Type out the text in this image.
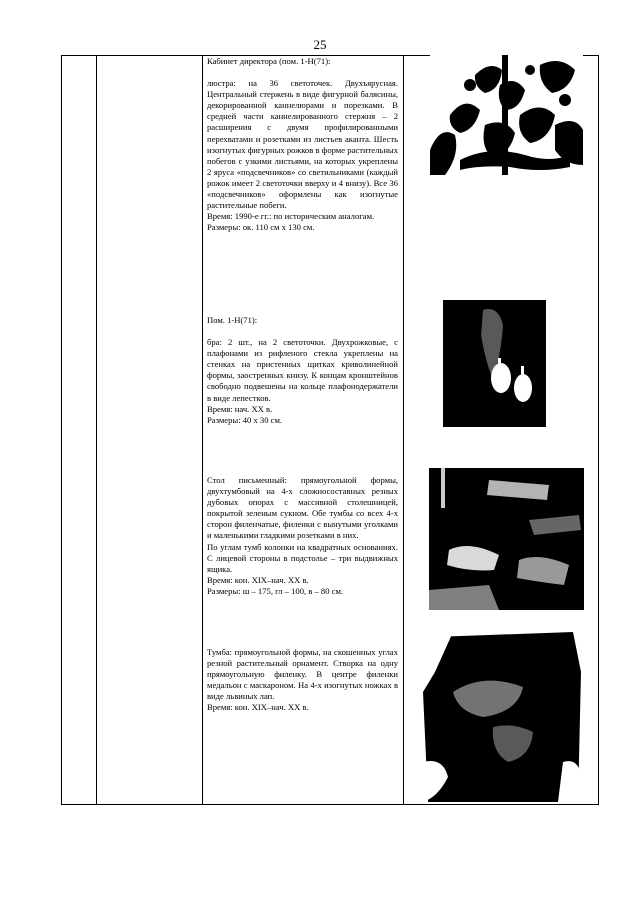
25

Кабинет директора (пом. 1-Н(71):

люстра: на 36 светоточек. Двухъярусная. Центральный стержень в виде фигурной балясины, декорированной каннелюрами и порезками. В средней части каннелированного стержня – 2 расширения с двумя профилированными перехватами и розетками из листьев аканта. Шесть изогнутых фигурных рожков в форме растительных побегов с узкими листьями, на которых укреплены 2 яруса «подсвечников» со светильниками (каждый рожок имеет 2 светоточки вверху и 4 внизу). Все 36 «подсвечников» оформлены как изогнутые растительные побеги.

Время: 1990-е гг.: по историческим аналогам.

Размеры: ок. 110 см х 130 см.

Пом. 1-Н(71):

бра: 2 шт., на 2 светоточки. Двухрожковые, с плафонами из рифленого стекла укреплены на стенках на пристенных щитках криволинейной формы, заостренных книзу. К концам кронштейнов свободно подвешены на кольце плафонодержатели в виде лепестков.

Время: нач. XX в.

Размеры: 40 х 30 см.

Стол письменный: прямоугольной формы, двухтумбовый на 4-х сложносоставных резных дубовых опорах с массивной столешницей, покрытой зеленым сукном. Обе тумбы со всех 4-х сторон филенчатые, филенки с вынутыми уголками и маленькими гладкими розетками в них.

По углам тумб колонки на квадратных основаниях. С лицевой стороны в подстолье – три выдвижных ящика.

Время: кон. XIX–нач. XX в.

Размеры: ш – 175, гл – 100, в – 80 см.

Тумба: прямоугольной формы, на скошенных углах резной растительный орнамент. Створка на одну прямоугольную филенку. В центре филенки медальон с маскароном. На 4-х изогнутых ножках в виде львиных лап.

Время: кон. XIX–нач. XX в.
